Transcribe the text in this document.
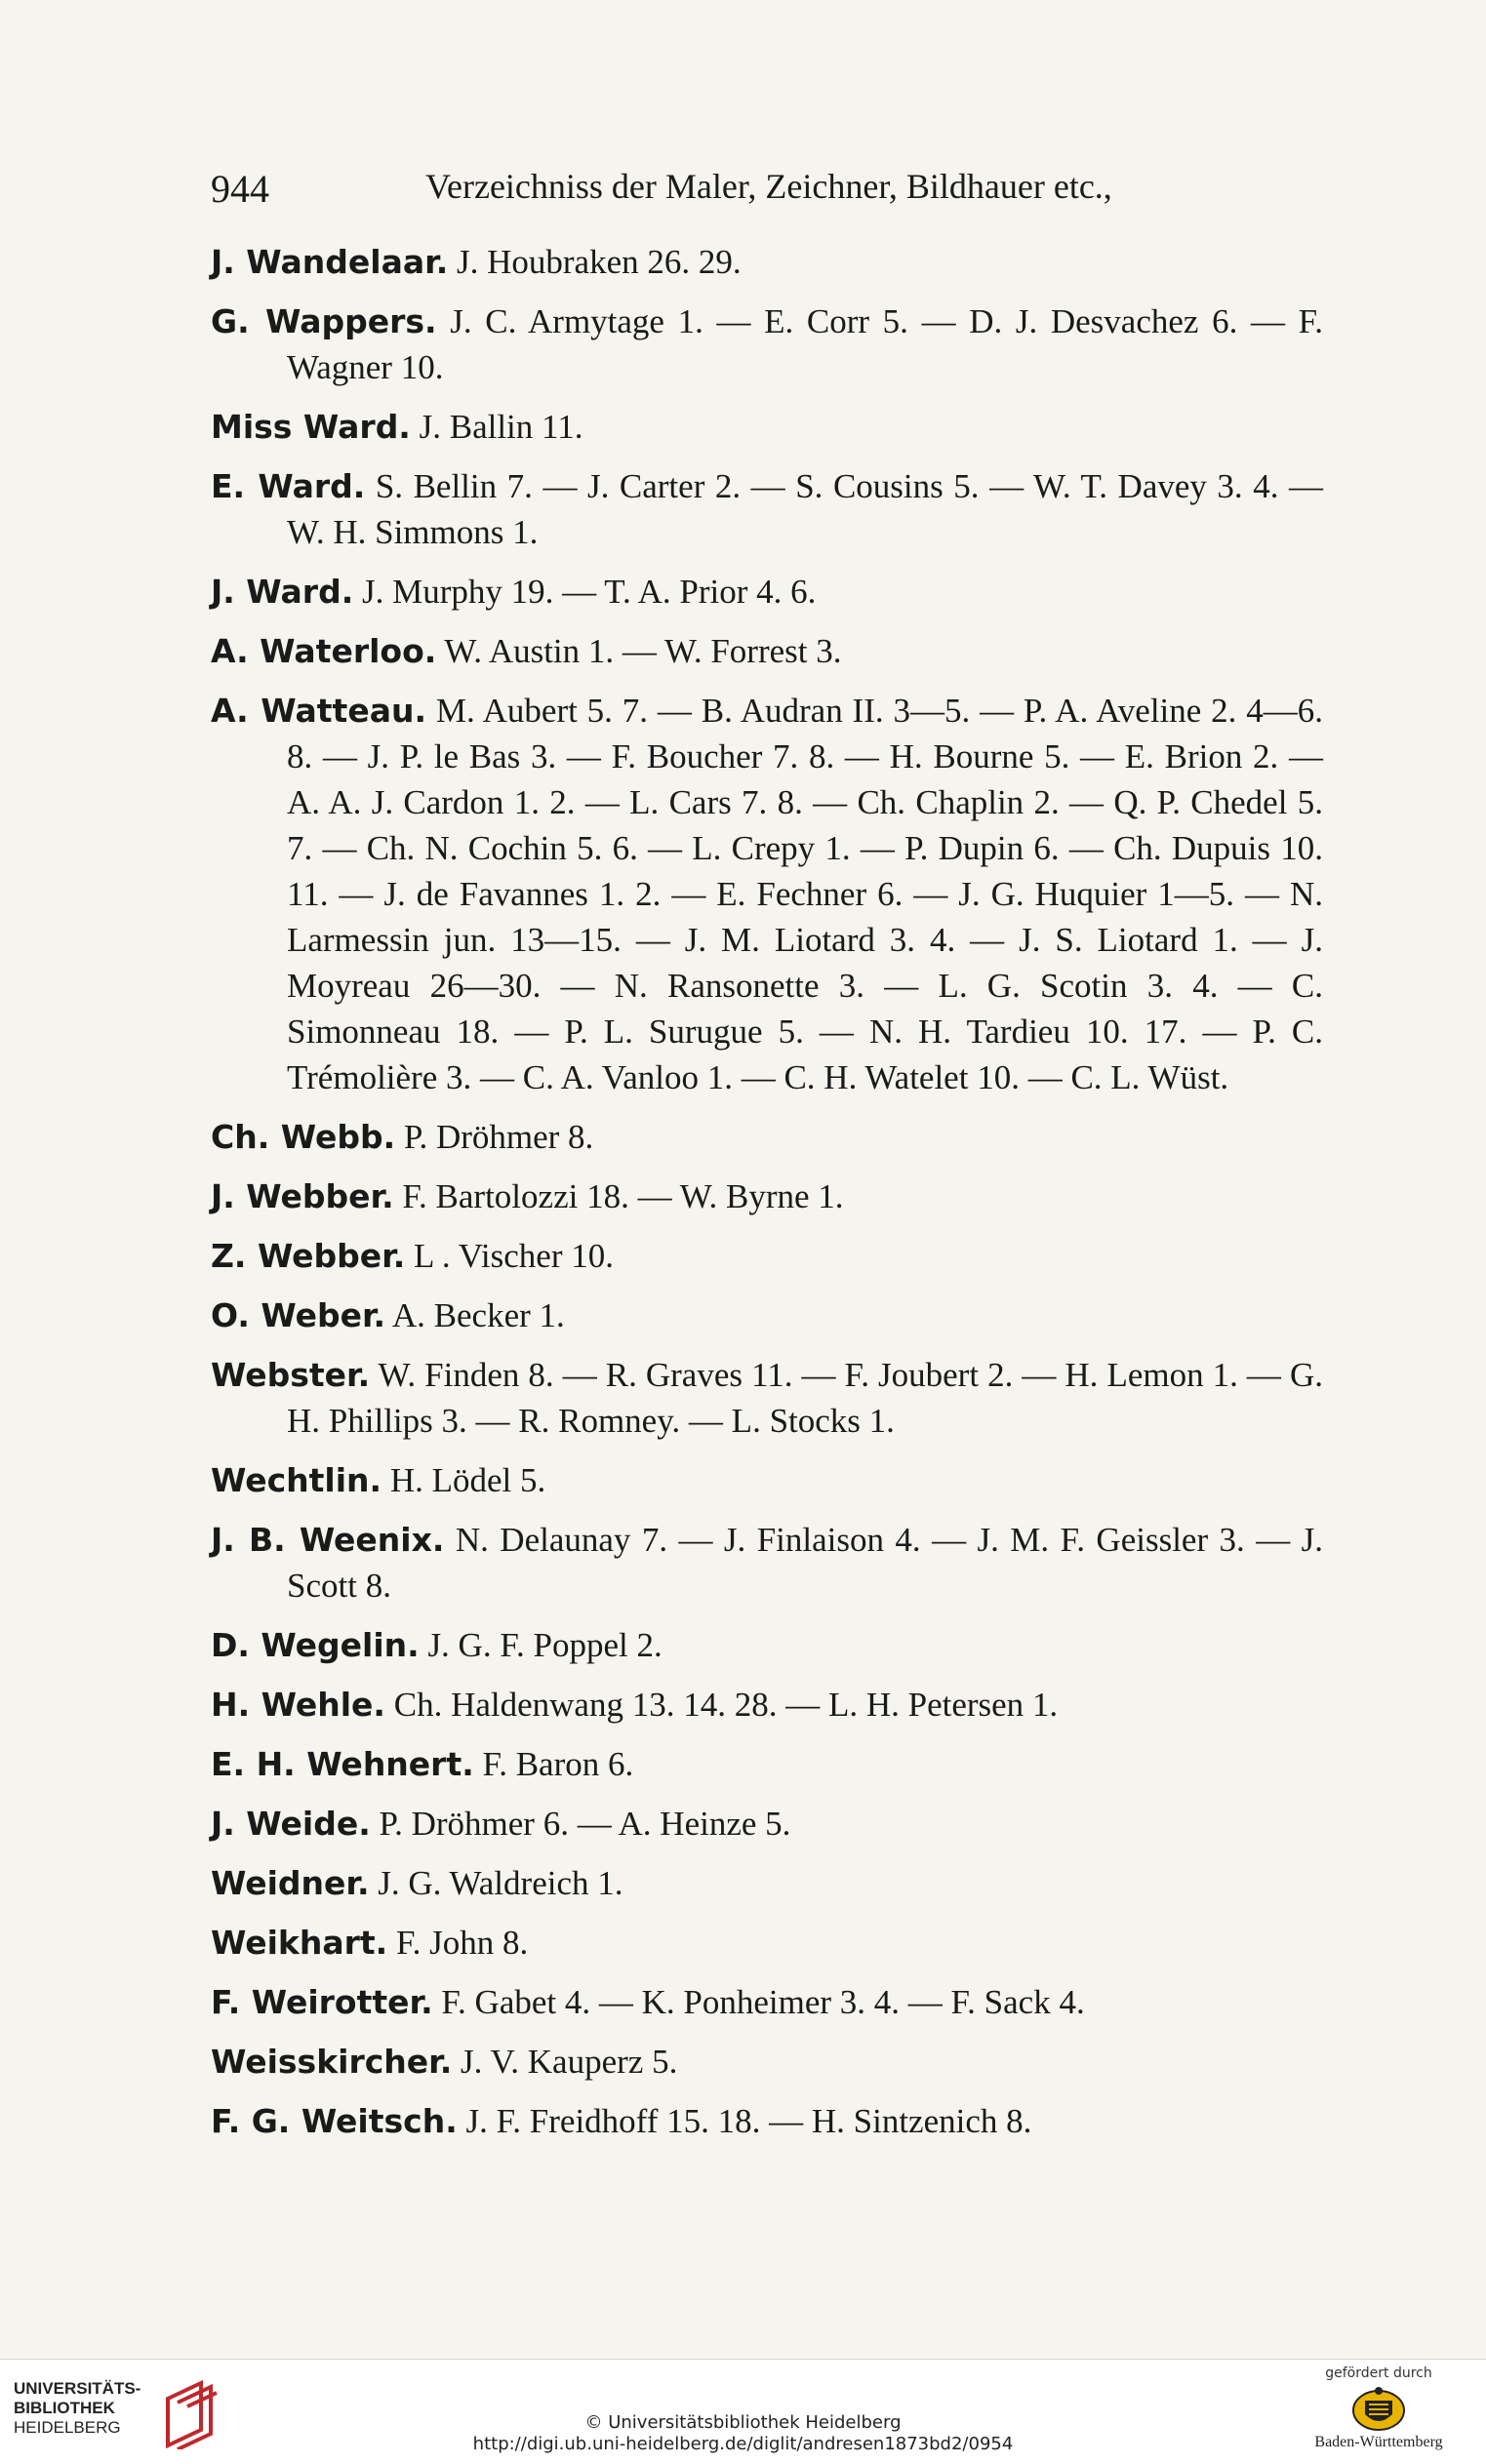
944	Verzeichniss der Maler, Zeichner, Bildhauer etc.,
J. Wandelaar. J. Houbraken 26. 29.
G. Wappers. J. C. Armytage 1. — E. Corr 5. — D. J. Desvachez 6. — F. Wagner 10.
Miss Ward. J. Ballin 11.
E. Ward. S. Bellin 7. — J. Carter 2. — S. Cousins 5. — W. T. Davey 3. 4. — W. H. Simmons 1.
J. Ward. J. Murphy 19. — T. A. Prior 4. 6.
A. Waterloo. W. Austin 1. — W. Forrest 3.
A. Watteau. M. Aubert 5. 7. — B. Audran II. 3—5. — P. A. Aveline 2. 4—6. 8. — J. P. le Bas 3. — F. Boucher 7. 8. — H. Bourne 5. — E. Brion 2. — A. A. J. Cardon 1. 2. — L. Cars 7. 8. — Ch. Chaplin 2. — Q. P. Chedel 5. 7. — Ch. N. Cochin 5. 6. — L. Crepy 1. — P. Dupin 6. — Ch. Dupuis 10. 11. — J. de Favannes 1. 2. — E. Fechner 6. — J. G. Huquier 1—5. — N. Larmessin jun. 13—15. — J. M. Liotard 3. 4. — J. S. Liotard 1. — J. Moyreau 26—30. — N. Ransonette 3. — L. G. Scotin 3. 4. — C. Simonneau 18. — P. L. Surugue 5. — N. H. Tardieu 10. 17. — P. C. Trémolière 3. — C. A. Vanloo 1. — C. H. Watelet 10. — C. L. Wüst.
Ch. Webb. P. Dröhmer 8.
J. Webber. F. Bartolozzi 18. — W. Byrne 1.
Z. Webber. L . Vischer 10.
O. Weber. A. Becker 1.
Webster. W. Finden 8. — R. Graves 11. — F. Joubert 2. — H. Lemon 1. — G. H. Phillips 3. — R. Romney. — L. Stocks 1.
Wechtlin. H. Lödel 5.
J. B. Weenix. N. Delaunay 7. — J. Finlaison 4. — J. M. F. Geissler 3. — J. Scott 8.
D. Wegelin. J. G. F. Poppel 2.
H. Wehle. Ch. Haldenwang 13. 14. 28. — L. H. Petersen 1.
E. H. Wehnert. F. Baron 6.
J. Weide. P. Dröhmer 6. — A. Heinze 5.
Weidner. J. G. Waldreich 1.
Weikhart. F. John 8.
F. Weirotter. F. Gabet 4. — K. Ponheimer 3. 4. — F. Sack 4.
Weisskircher. J. V. Kauperz 5.
F. G. Weitsch. J. F. Freidhoff 15. 18. — H. Sintzenich 8.
UNIVERSITÄTS-
BIBLIOTHEK
HEIDELBERG	© Universitätsbibliothek Heidelberg
http://digi.ub.uni-heidelberg.de/diglit/andresen1873bd2/0954
gefördert durch
Baden-Württemberg
